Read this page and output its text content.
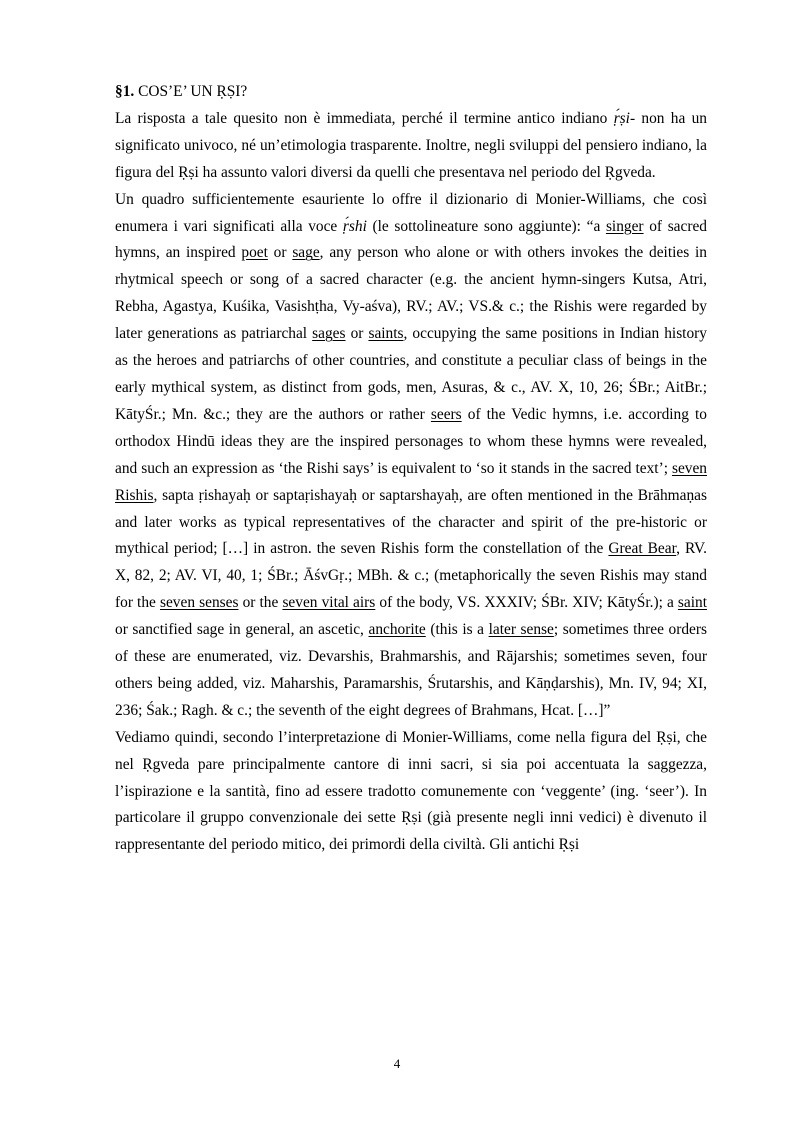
§1. COS’E’ UN ṚṢI?

La risposta a tale quesito non è immediata, perché il termine antico indiano ṛ́ṣi- non ha un significato univoco, né un’etimologia trasparente. Inoltre, negli sviluppi del pensiero indiano, la figura del Ṛṣi ha assunto valori diversi da quelli che presentava nel periodo del Ṛgveda.

Un quadro sufficientemente esauriente lo offre il dizionario di Monier-Williams, che così enumera i vari significati alla voce ṛ́shi (le sottolineature sono aggiunte): “a singer of sacred hymns, an inspired poet or sage, any person who alone or with others invokes the deities in rhytmical speech or song of a sacred character (e.g. the ancient hymn-singers Kutsa, Atri, Rebha, Agastya, Kuśika, Vasishṭha, Vy-aśva), RV.; AV.; VS.& c.; the Rishis were regarded by later generations as patriarchal sages or saints, occupying the same positions in Indian history as the heroes and patriarchs of other countries, and constitute a peculiar class of beings in the early mythical system, as distinct from gods, men, Asuras, & c., AV. X, 10, 26; ŚBr.; AitBr.; KātyŚr.; Mn. &c.; they are the authors or rather seers of the Vedic hymns, i.e. according to orthodox Hindū ideas they are the inspired personages to whom these hymns were revealed, and such an expression as ‘the Rishi says’ is equivalent to ‘so it stands in the sacred text’; seven Rishis, sapta ṛishayaḥ or saptaṛishayaḥ or saptarshayaḥ, are often mentioned in the Brāhmaṇas and later works as typical representatives of the character and spirit of the pre-historic or mythical period; […] in astron. the seven Rishis form the constellation of the Great Bear, RV. X, 82, 2; AV. VI, 40, 1; ŚBr.; ĀśvGṛ.; MBh. & c.; (metaphorically the seven Rishis may stand for the seven senses or the seven vital airs of the body, VS. XXXIV; ŚBr. XIV; KātyŚr.); a saint or sanctified sage in general, an ascetic, anchorite (this is a later sense; sometimes three orders of these are enumerated, viz. Devarshis, Brahmarshis, and Rājarshis; sometimes seven, four others being added, viz. Maharshis, Paramarshis, Śrutarshis, and Kāṇḍarshis), Mn. IV, 94; XI, 236; Śak.; Ragh. & c.; the seventh of the eight degrees of Brahmans, Hcat. […]”

Vediamo quindi, secondo l’interpretazione di Monier-Williams, come nella figura del Ṛṣi, che nel Ṛgveda pare principalmente cantore di inni sacri, si sia poi accentuata la saggezza, l’ispirazione e la santità, fino ad essere tradotto comunemente con ‘veggente’ (ing. ‘seer’). In particolare il gruppo convenzionale dei sette Ṛṣi (già presente negli inni vedici) è divenuto il rappresentante del periodo mitico, dei primordi della civiltà. Gli antichi Ṛṣi

4
